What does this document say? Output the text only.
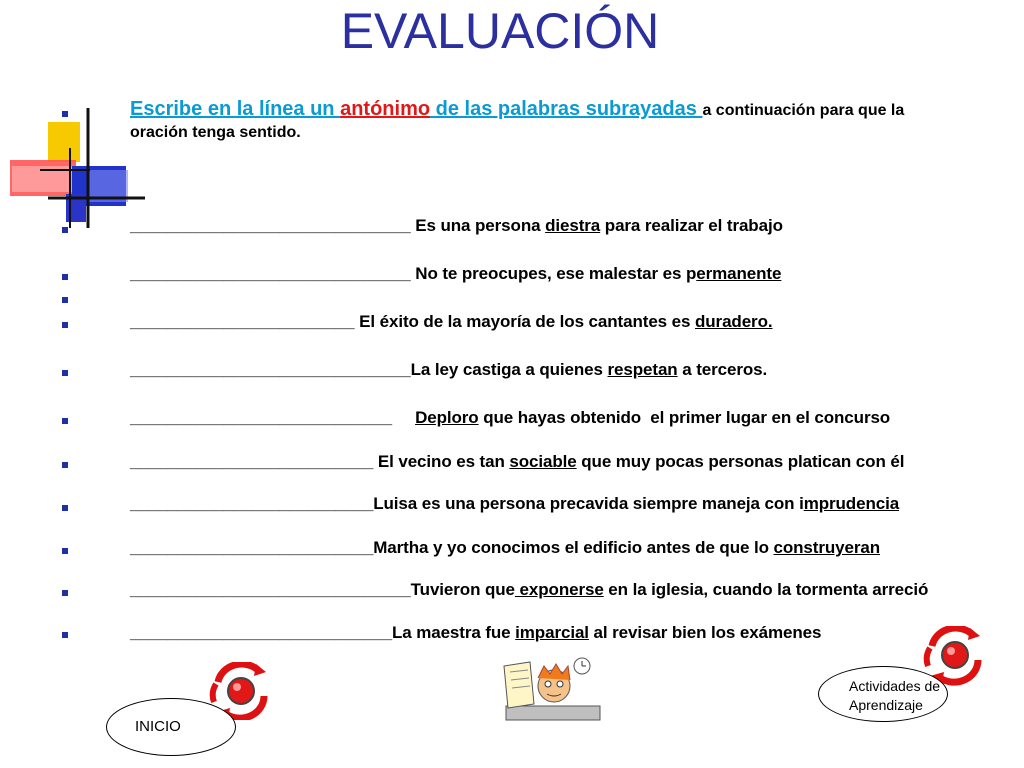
EVALUACIÓN
Escribe en la línea un antónimo de las palabras subrayadas a continuación para que la oración tenga sentido.
______________________________ Es una persona diestra para realizar el trabajo
______________________________ No te preocupes, ese malestar es permanente
________________________ El éxito de la mayoría de los cantantes es duradero.
______________________________La ley castiga a quienes respetan a terceros.
____________________________ Deploro que hayas obtenido  el primer lugar en el concurso
__________________________ El vecino es tan sociable que muy pocas personas platican con él
__________________________Luisa es una persona precavida siempre maneja con imprudencia
__________________________Martha y yo conocimos el edificio antes de que lo construyeran
______________________________Tuvieron que exponerse en la iglesia, cuando la tormenta arreció
____________________________La maestra fue imparcial al revisar bien los exámenes
INICIO
Actividades de Aprendizaje
